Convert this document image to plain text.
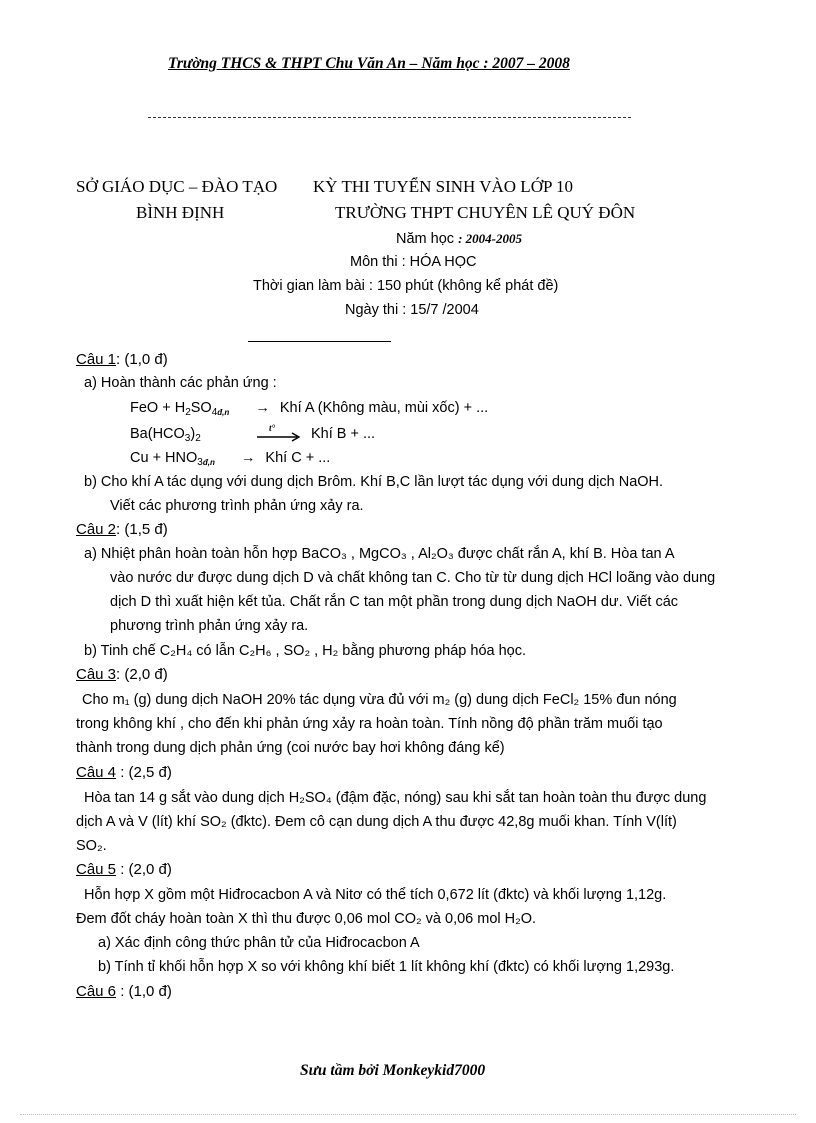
Trường THCS & THPT Chu Văn An – Năm học : 2007 – 2008
SỞ GIÁO DỤC – ĐÀO TẠO
BÌNH ĐỊNH
KỲ THI TUYỂN SINH VÀO LỚP 10
TRƯỜNG THPT CHUYÊN LÊ QUÝ ĐÔN
Năm học : 2004-2005
Môn thi : HÓA HỌC
Thời gian làm bài : 150 phút (không kể phát đề)
Ngày thi : 15/7 /2004
Câu 1: (1,0 đ)
a) Hoàn thành các phản ứng :
FeO + $H_2SO_{4đ,n}$ → Khí A (Không màu, mùi xốc) + ...
$Ba(HCO_3)_2$
t° Khí B + ...
$Cu + HNO_{3đ,n}$ → Khí C + ...
b) Cho khí A tác dụng với dung dịch Brôm. Khí B,C lần lượt tác dụng với dung dịch NaOH.
Viết các phương trình phản ứng xảy ra.
Câu 2: (1,5 đ)
a) Nhiệt phân hoàn toàn hỗn hợp BaCO₃ , MgCO₃ , Al₂O₃ được chất rắn A, khí B. Hòa tan A
vào nước dư được dung dịch D và chất không tan C. Cho từ từ dung dịch HCl loãng vào dung
dịch D thì xuất hiện kết tủa. Chất rắn C tan một phần trong dung dịch NaOH dư. Viết các
phương trình phản ứng xảy ra.
b) Tinh chế C₂H₄ có lẫn C₂H₆ , SO₂ , H₂ bằng phương pháp hóa học.
Câu 3: (2,0 đ)
Cho m₁ (g) dung dịch NaOH 20% tác dụng vừa đủ với m₂ (g) dung dịch FeCl₂ 15% đun nóng
trong không khí , cho đến khi phản ứng xảy ra hoàn toàn. Tính nồng độ phần trăm muối tạo
thành trong dung dịch phản ứng (coi nước bay hơi không đáng kể)
Câu 4 : (2,5 đ)
Hòa tan 14 g sắt vào dung dịch H₂SO₄ (đậm đặc, nóng) sau khi sắt tan hoàn toàn thu được dung
dịch A và V (lít) khí SO₂ (đktc). Đem cô cạn dung dịch A thu được 42,8g muối khan. Tính V(lít)
SO₂.
Câu 5 : (2,0 đ)
Hỗn hợp X gồm một Hiđrocacbon A và Nitơ có thể tích 0,672 lít (đktc) và khối lượng 1,12g.
Đem đốt cháy hoàn toàn X thì thu được 0,06 mol CO₂ và 0,06 mol H₂O.
a) Xác định công thức phân tử của Hiđrocacbon A
b) Tính tỉ khối hỗn hợp X so với không khí biết 1 lít không khí (đktc) có khối lượng 1,293g.
Câu 6 : (1,0 đ)
Sưu tầm bởi Monkeykid7000
